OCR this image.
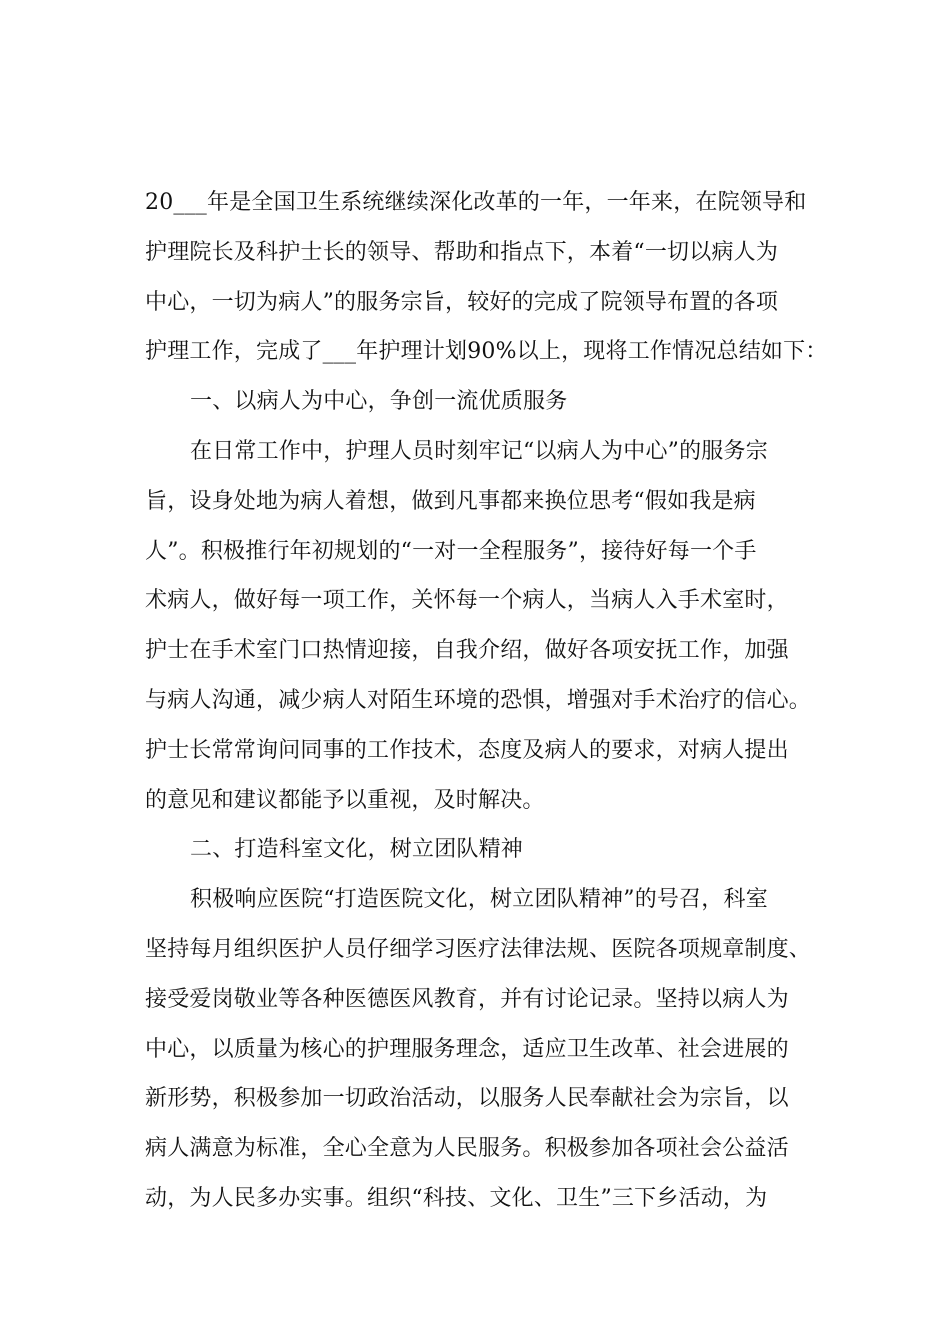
20___年是全国卫生系统继续深化改革的一年，一年来，在院领导和
护理院长及科护士长的领导、帮助和指点下，本着“一切以病人为
中心，一切为病人”的服务宗旨，较好的完成了院领导布置的各项
护理工作，完成了___年护理计划90%以上，现将工作情况总结如下：
一、以病人为中心，争创一流优质服务
在日常工作中，护理人员时刻牢记“以病人为中心”的服务宗
旨，设身处地为病人着想，做到凡事都来换位思考“假如我是病
人”。积极推行年初规划的“一对一全程服务”，接待好每一个手
术病人，做好每一项工作，关怀每一个病人，当病人入手术室时，
护士在手术室门口热情迎接，自我介绍，做好各项安抚工作，加强
与病人沟通，减少病人对陌生环境的恐惧，增强对手术治疗的信心。
护士长常常询问同事的工作技术，态度及病人的要求，对病人提出
的意见和建议都能予以重视，及时解决。
二、打造科室文化，树立团队精神
积极响应医院“打造医院文化，树立团队精神”的号召，科室
坚持每月组织医护人员仔细学习医疗法律法规、医院各项规章制度、
接受爱岗敬业等各种医德医风教育，并有讨论记录。坚持以病人为
中心，以质量为核心的护理服务理念，适应卫生改革、社会进展的
新形势，积极参加一切政治活动，以服务人民奉献社会为宗旨，以
病人满意为标准，全心全意为人民服务。积极参加各项社会公益活
动，为人民多办实事。组织“科技、文化、卫生”三下乡活动，为
